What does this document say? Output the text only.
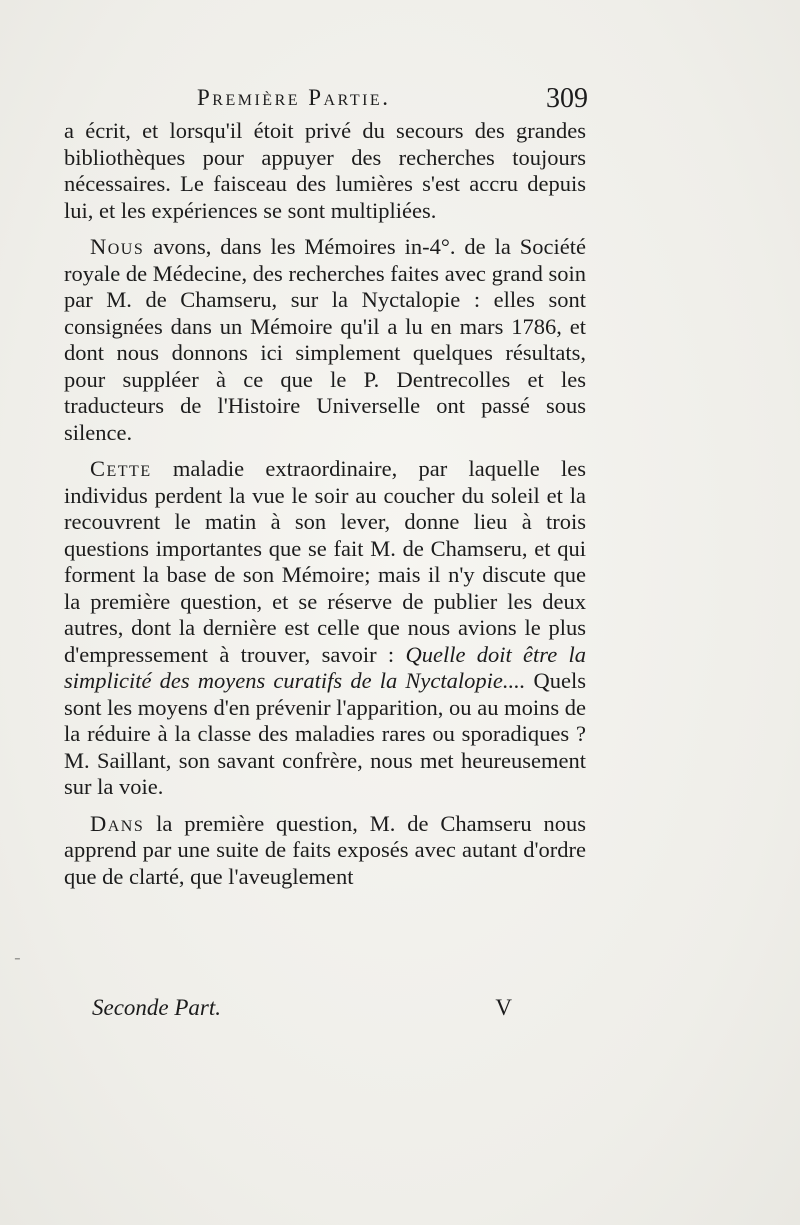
Première Partie.	309

a écrit, et lorsqu'il étoit privé du secours des grandes bibliothèques pour appuyer des recherches toujours nécessaires. Le faisceau des lumières s'est accru depuis lui, et les expériences se sont multipliées.

Nous avons, dans les Mémoires in-4°. de la Société royale de Médecine, des recherches faites avec grand soin par M. de Chamseru, sur la Nyctalopie : elles sont consignées dans un Mémoire qu'il a lu en mars 1786, et dont nous donnons ici simplement quelques résultats, pour suppléer à ce que le P. Dentrecolles et les traducteurs de l'Histoire Universelle ont passé sous silence.

Cette maladie extraordinaire, par laquelle les individus perdent la vue le soir au coucher du soleil et la recouvrent le matin à son lever, donne lieu à trois questions importantes que se fait M. de Chamseru, et qui forment la base de son Mémoire; mais il n'y discute que la première question, et se réserve de publier les deux autres, dont la dernière est celle que nous avions le plus d'empressement à trouver, savoir : Quelle doit être la simplicité des moyens curatifs de la Nyctalopie.... Quels sont les moyens d'en prévenir l'apparition, ou au moins de la réduire à la classe des maladies rares ou sporadiques ? M. Saillant, son savant confrère, nous met heureusement sur la voie.

Dans la première question, M. de Chamseru nous apprend par une suite de faits exposés avec autant d'ordre que de clarté, que l'aveuglement

Seconde Part.	V
-
